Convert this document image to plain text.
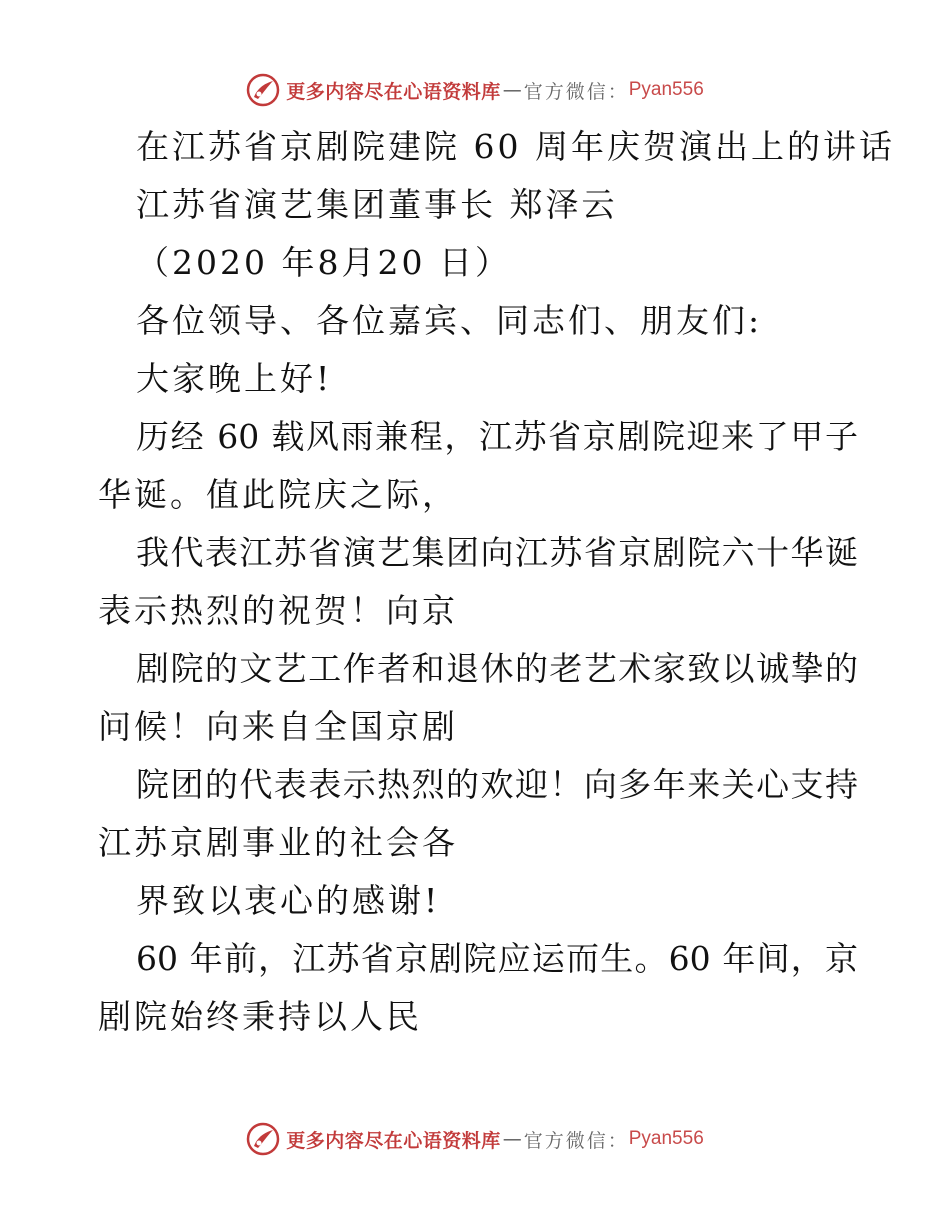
更多内容尽在心语资料库 — 官方微信： Pyan556
在江苏省京剧院建院 60 周年庆贺演出上的讲话
江苏省演艺集团董事长 郑泽云
（2020 年8月20 日）
各位领导、各位嘉宾、同志们、朋友们:
大家晚上好!
历经 60 载风雨兼程，江苏省京剧院迎来了甲子
华诞。值此院庆之际，
我代表江苏省演艺集团向江苏省京剧院六十华诞
表示热烈的祝贺！向京
剧院的文艺工作者和退休的老艺术家致以诚挚的
问候！向来自全国京剧
院团的代表表示热烈的欢迎！向多年来关心支持
江苏京剧事业的社会各
界致以衷心的感谢!
60 年前，江苏省京剧院应运而生。60 年间，京
剧院始终秉持以人民
更多内容尽在心语资料库 — 官方微信： Pyan556
